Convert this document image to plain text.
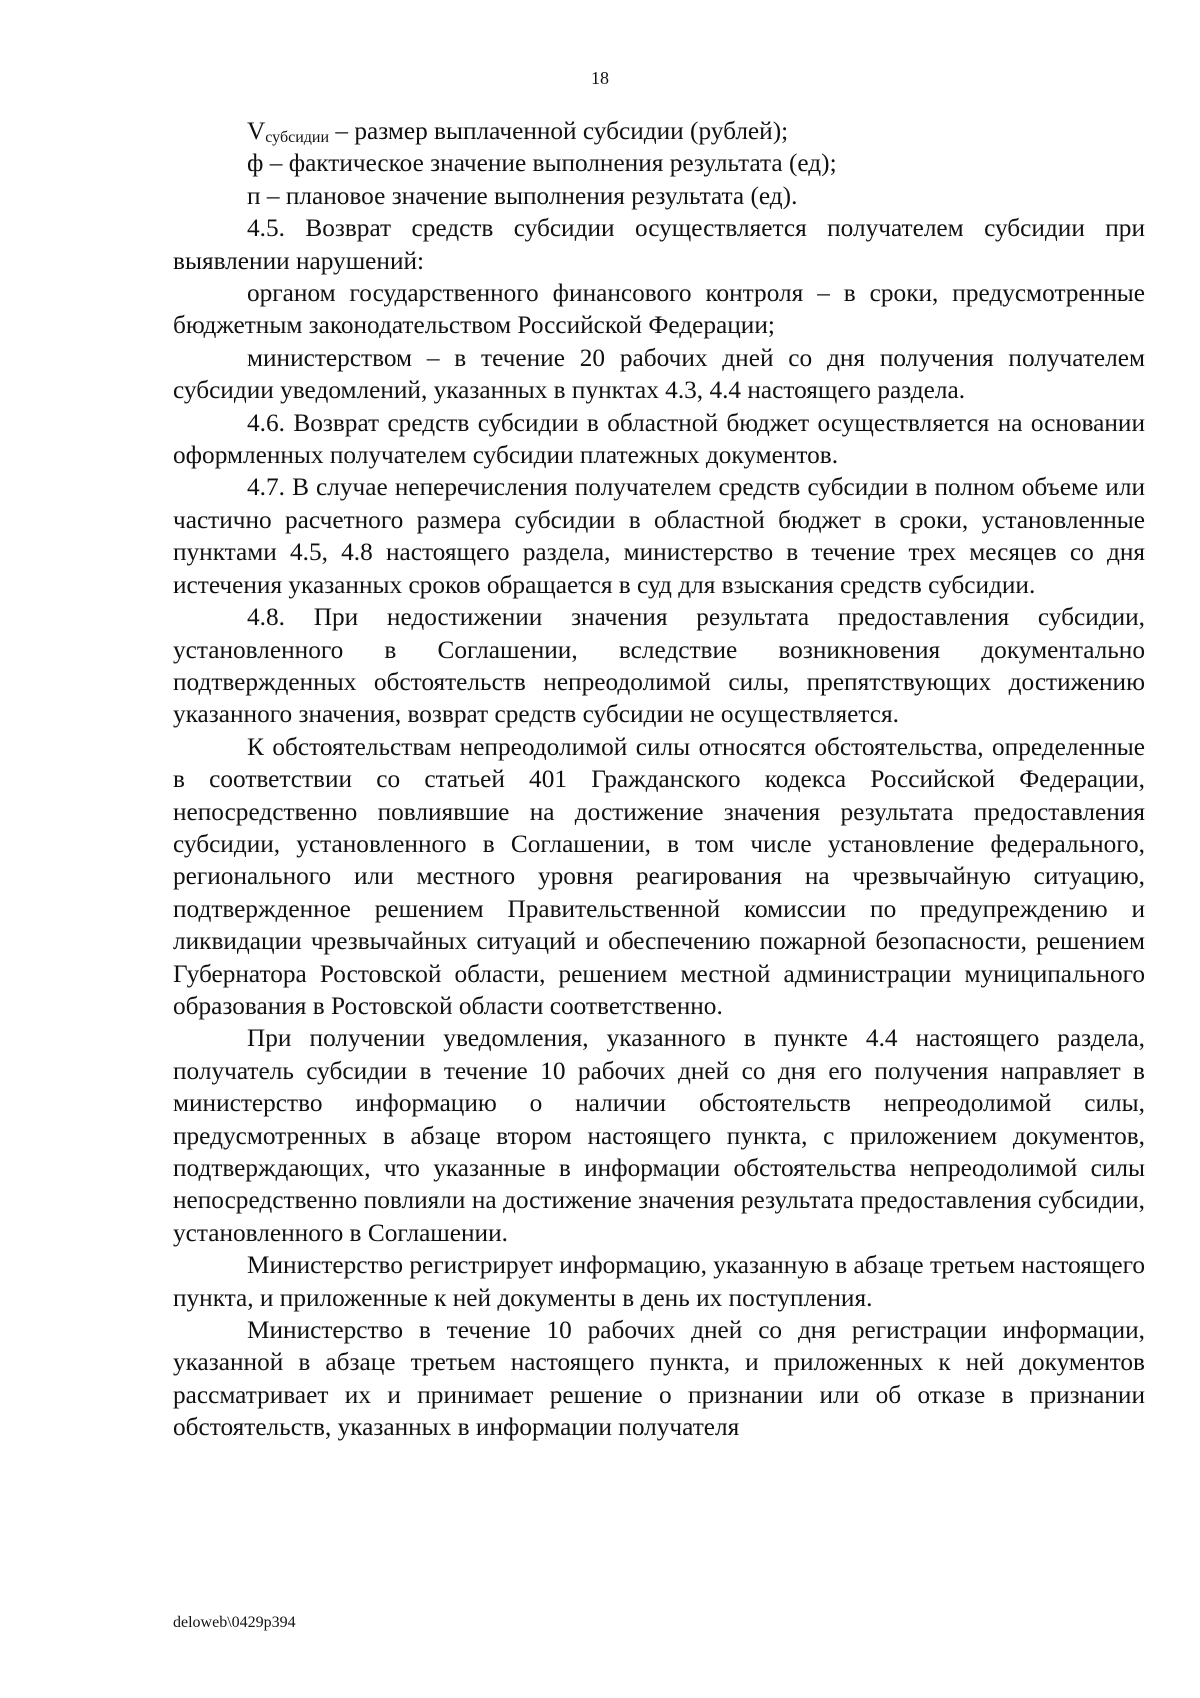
18

$V_{субсидии}$ – размер выплаченной субсидии (рублей);

ф – фактическое значение выполнения результата (ед);

п – плановое значение выполнения результата (ед).

4.5. Возврат средств субсидии осуществляется получателем субсидии при выявлении нарушений:

органом государственного финансового контроля – в сроки, предусмотренные бюджетным законодательством Российской Федерации;

министерством – в течение 20 рабочих дней со дня получения получателем субсидии уведомлений, указанных в пунктах 4.3, 4.4 настоящего раздела.

4.6. Возврат средств субсидии в областной бюджет осуществляется на основании оформленных получателем субсидии платежных документов.

4.7. В случае неперечисления получателем средств субсидии в полном объеме или частично расчетного размера субсидии в областной бюджет в сроки, установленные пунктами 4.5, 4.8 настоящего раздела, министерство в течение трех месяцев со дня истечения указанных сроков обращается в суд для взыскания средств субсидии.

4.8. При недостижении значения результата предоставления субсидии, установленного в Соглашении, вследствие возникновения документально подтвержденных обстоятельств непреодолимой силы, препятствующих достижению указанного значения, возврат средств субсидии не осуществляется.

К обстоятельствам непреодолимой силы относятся обстоятельства, определенные в соответствии со статьей 401 Гражданского кодекса Российской Федерации, непосредственно повлиявшие на достижение значения результата предоставления субсидии, установленного в Соглашении, в том числе установление федерального, регионального или местного уровня реагирования на чрезвычайную ситуацию, подтвержденное решением Правительственной комиссии по предупреждению и ликвидации чрезвычайных ситуаций и обеспечению пожарной безопасности, решением Губернатора Ростовской области, решением местной администрации муниципального образования в Ростовской области соответственно.

При получении уведомления, указанного в пункте 4.4 настоящего раздела, получатель субсидии в течение 10 рабочих дней со дня его получения направляет в министерство информацию о наличии обстоятельств непреодолимой силы, предусмотренных в абзаце втором настоящего пункта, с приложением документов, подтверждающих, что указанные в информации обстоятельства непреодолимой силы непосредственно повлияли на достижение значения результата предоставления субсидии, установленного в Соглашении.

Министерство регистрирует информацию, указанную в абзаце третьем настоящего пункта, и приложенные к ней документы в день их поступления.

Министерство в течение 10 рабочих дней со дня регистрации информации, указанной в абзаце третьем настоящего пункта, и приложенных к ней документов рассматривает их и принимает решение о признании или об отказе в признании обстоятельств, указанных в информации получателя

deloweb\0429p394
